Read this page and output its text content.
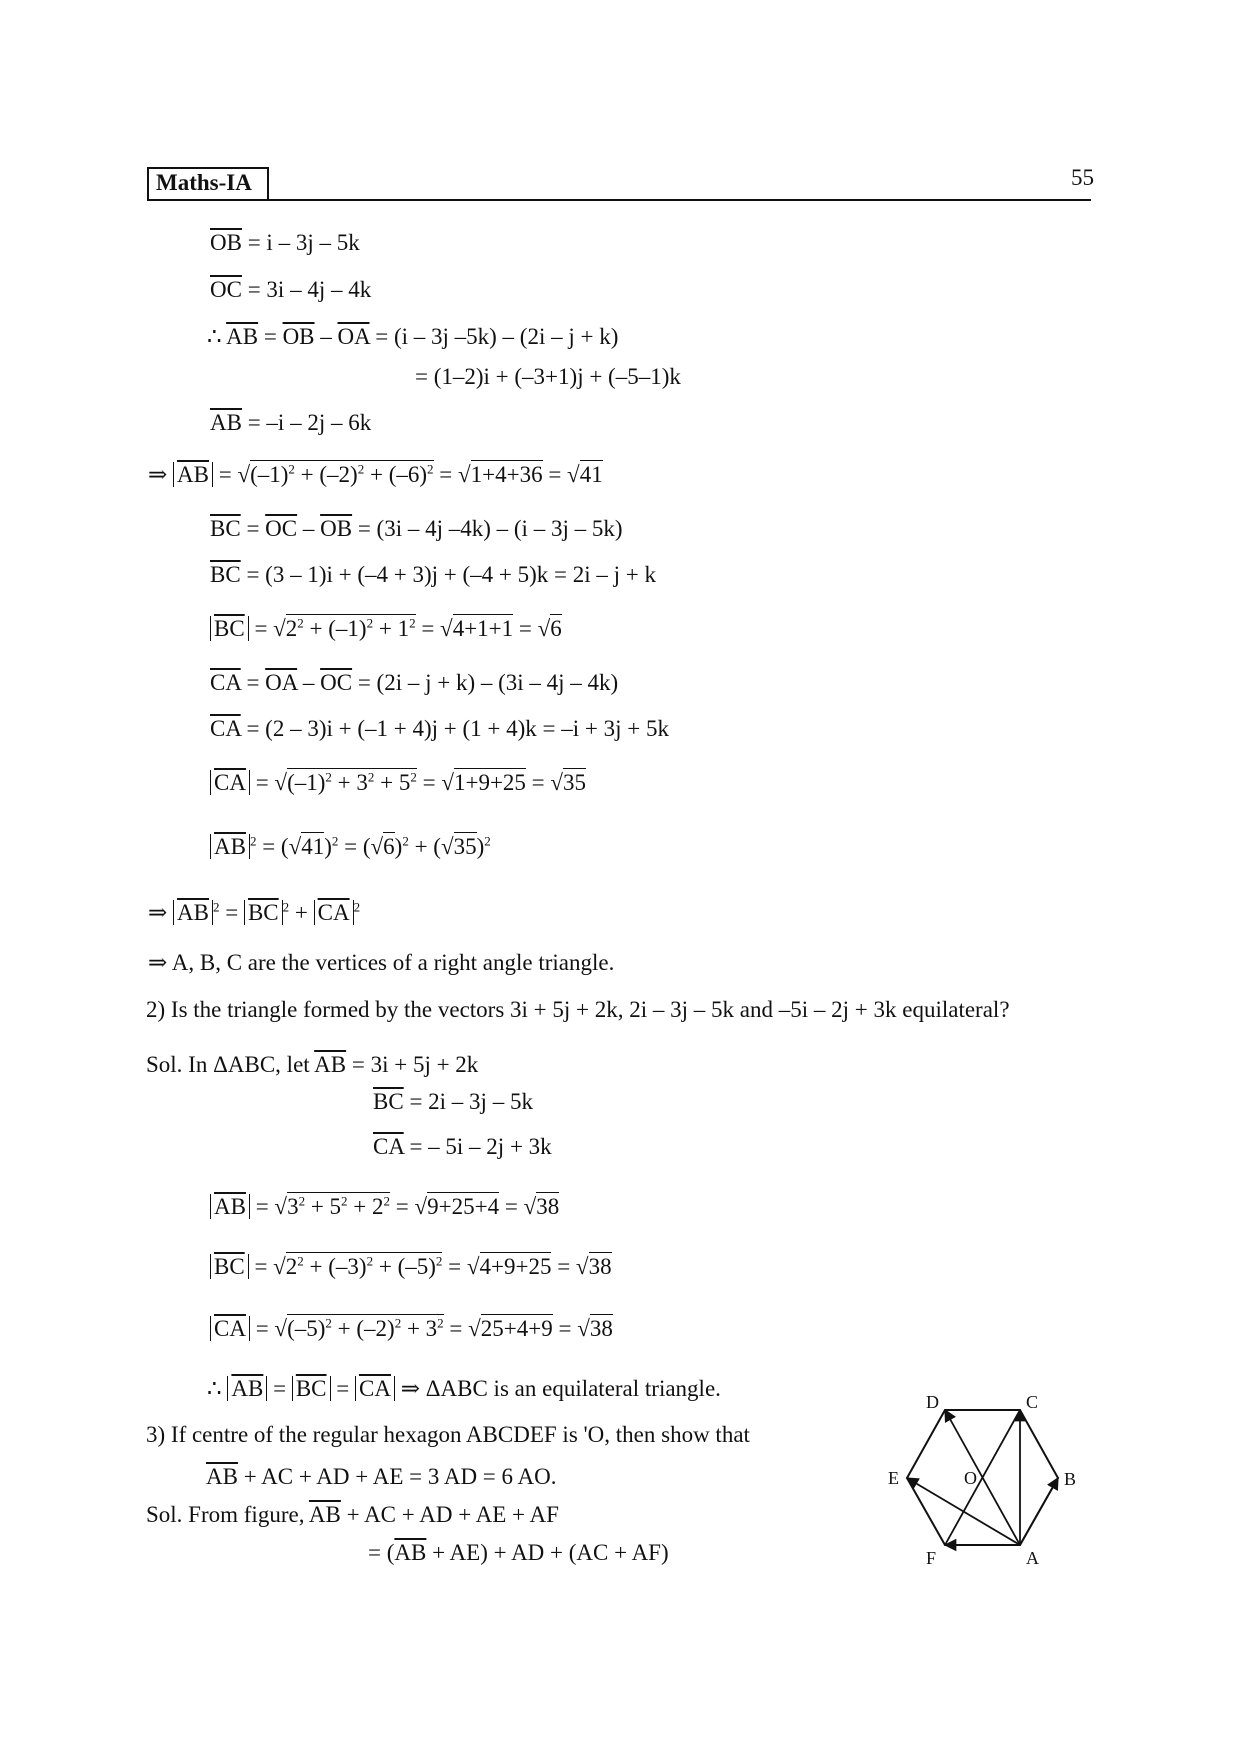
Maths-IA	55
$\overline{OB} = i - 3j - 5k$
$\overline{OC} = 3i - 4j - 4k$
∴ $\overline{AB} = \overline{OB} - \overline{OA} = (i - 3j$ –5k) – (2i – j + k)
= (1–2)i + (–3+1)j + (–5–1)k
$\overline{AB} = -i - 2j - 6k$
⇒ $\overline{AB} = √(-1)^2 + (-2)^2 + (-6)^2 = √1+4+36 = √41$
$\overline{BC} = \overline{OC} - \overline{OB} = (3i - 4j$ –4k) – (i – 3j – 5k)
$\overline{BC} = (3 - 1)i + (-4 + 3)j + (-4 + 5)k = 2i - j + k$
$\overline{BC} = √2^2 + (-1)^2 + 1^2 = √4+1+1 = √6$
$\overline{CA} = \overline{OA} - \overline{OC} = (2i - j + k) - (3i - 4j - 4k)$
$\overline{CA} = (2 - 3)i + (-1 + 4)j + (1 + 4)k = -i + 3j + 5k$
$\overline{CA} = √(-1)^2 + 3^2 + 5^2 = √1+9+25 = √35$
$\overline{AB}$ $^2 = (√41)^2 = (√6)^2 + (√35)^2$
⇒ $\overline{AB}$ $^2 = \overline{BC}$ $^2 + \overline{CA}$ $^2$
⇒ A, B, C are the vertices of a right angle triangle.
2) Is the triangle formed by the vectors 3i + 5j + 2k, 2i – 3j – 5k and –5i – 2j + 3k equilateral?
Sol. In ΔABC, let $\overline{AB} = 3i + 5j + 2k$
$\overline{BC} = 2i - 3j - 5k$
$\overline{CA}$ = – 5i – 2j + 3k
$\overline{AB} = √3^2 + 5^2 + 2^2 = √9+25+4 = √38$
$\overline{BC} = √2^2 + (-3)^2 + (-5)^2 = √4+9+25 = √38$
$\overline{CA} = √(-5)^2 + (-2)^2 + 3^2 = √25+4+9 = √38$
∴ $\overline{AB} = \overline{BC} = \overline{CA}$ ⇒ ΔABC is an equilateral triangle.
3) If centre of the regular hexagon ABCDEF is 'O, then show that
$\overline{AB}$ + AC + AD + AE = 3 AD = 6 AO.
Sol. From figure, $\overline{AB}$ + AC + AD + AE + AF
= $(\overline{AB} + AE)$ + AD + (AC + AF)
D	C
E	O	B
F	A
